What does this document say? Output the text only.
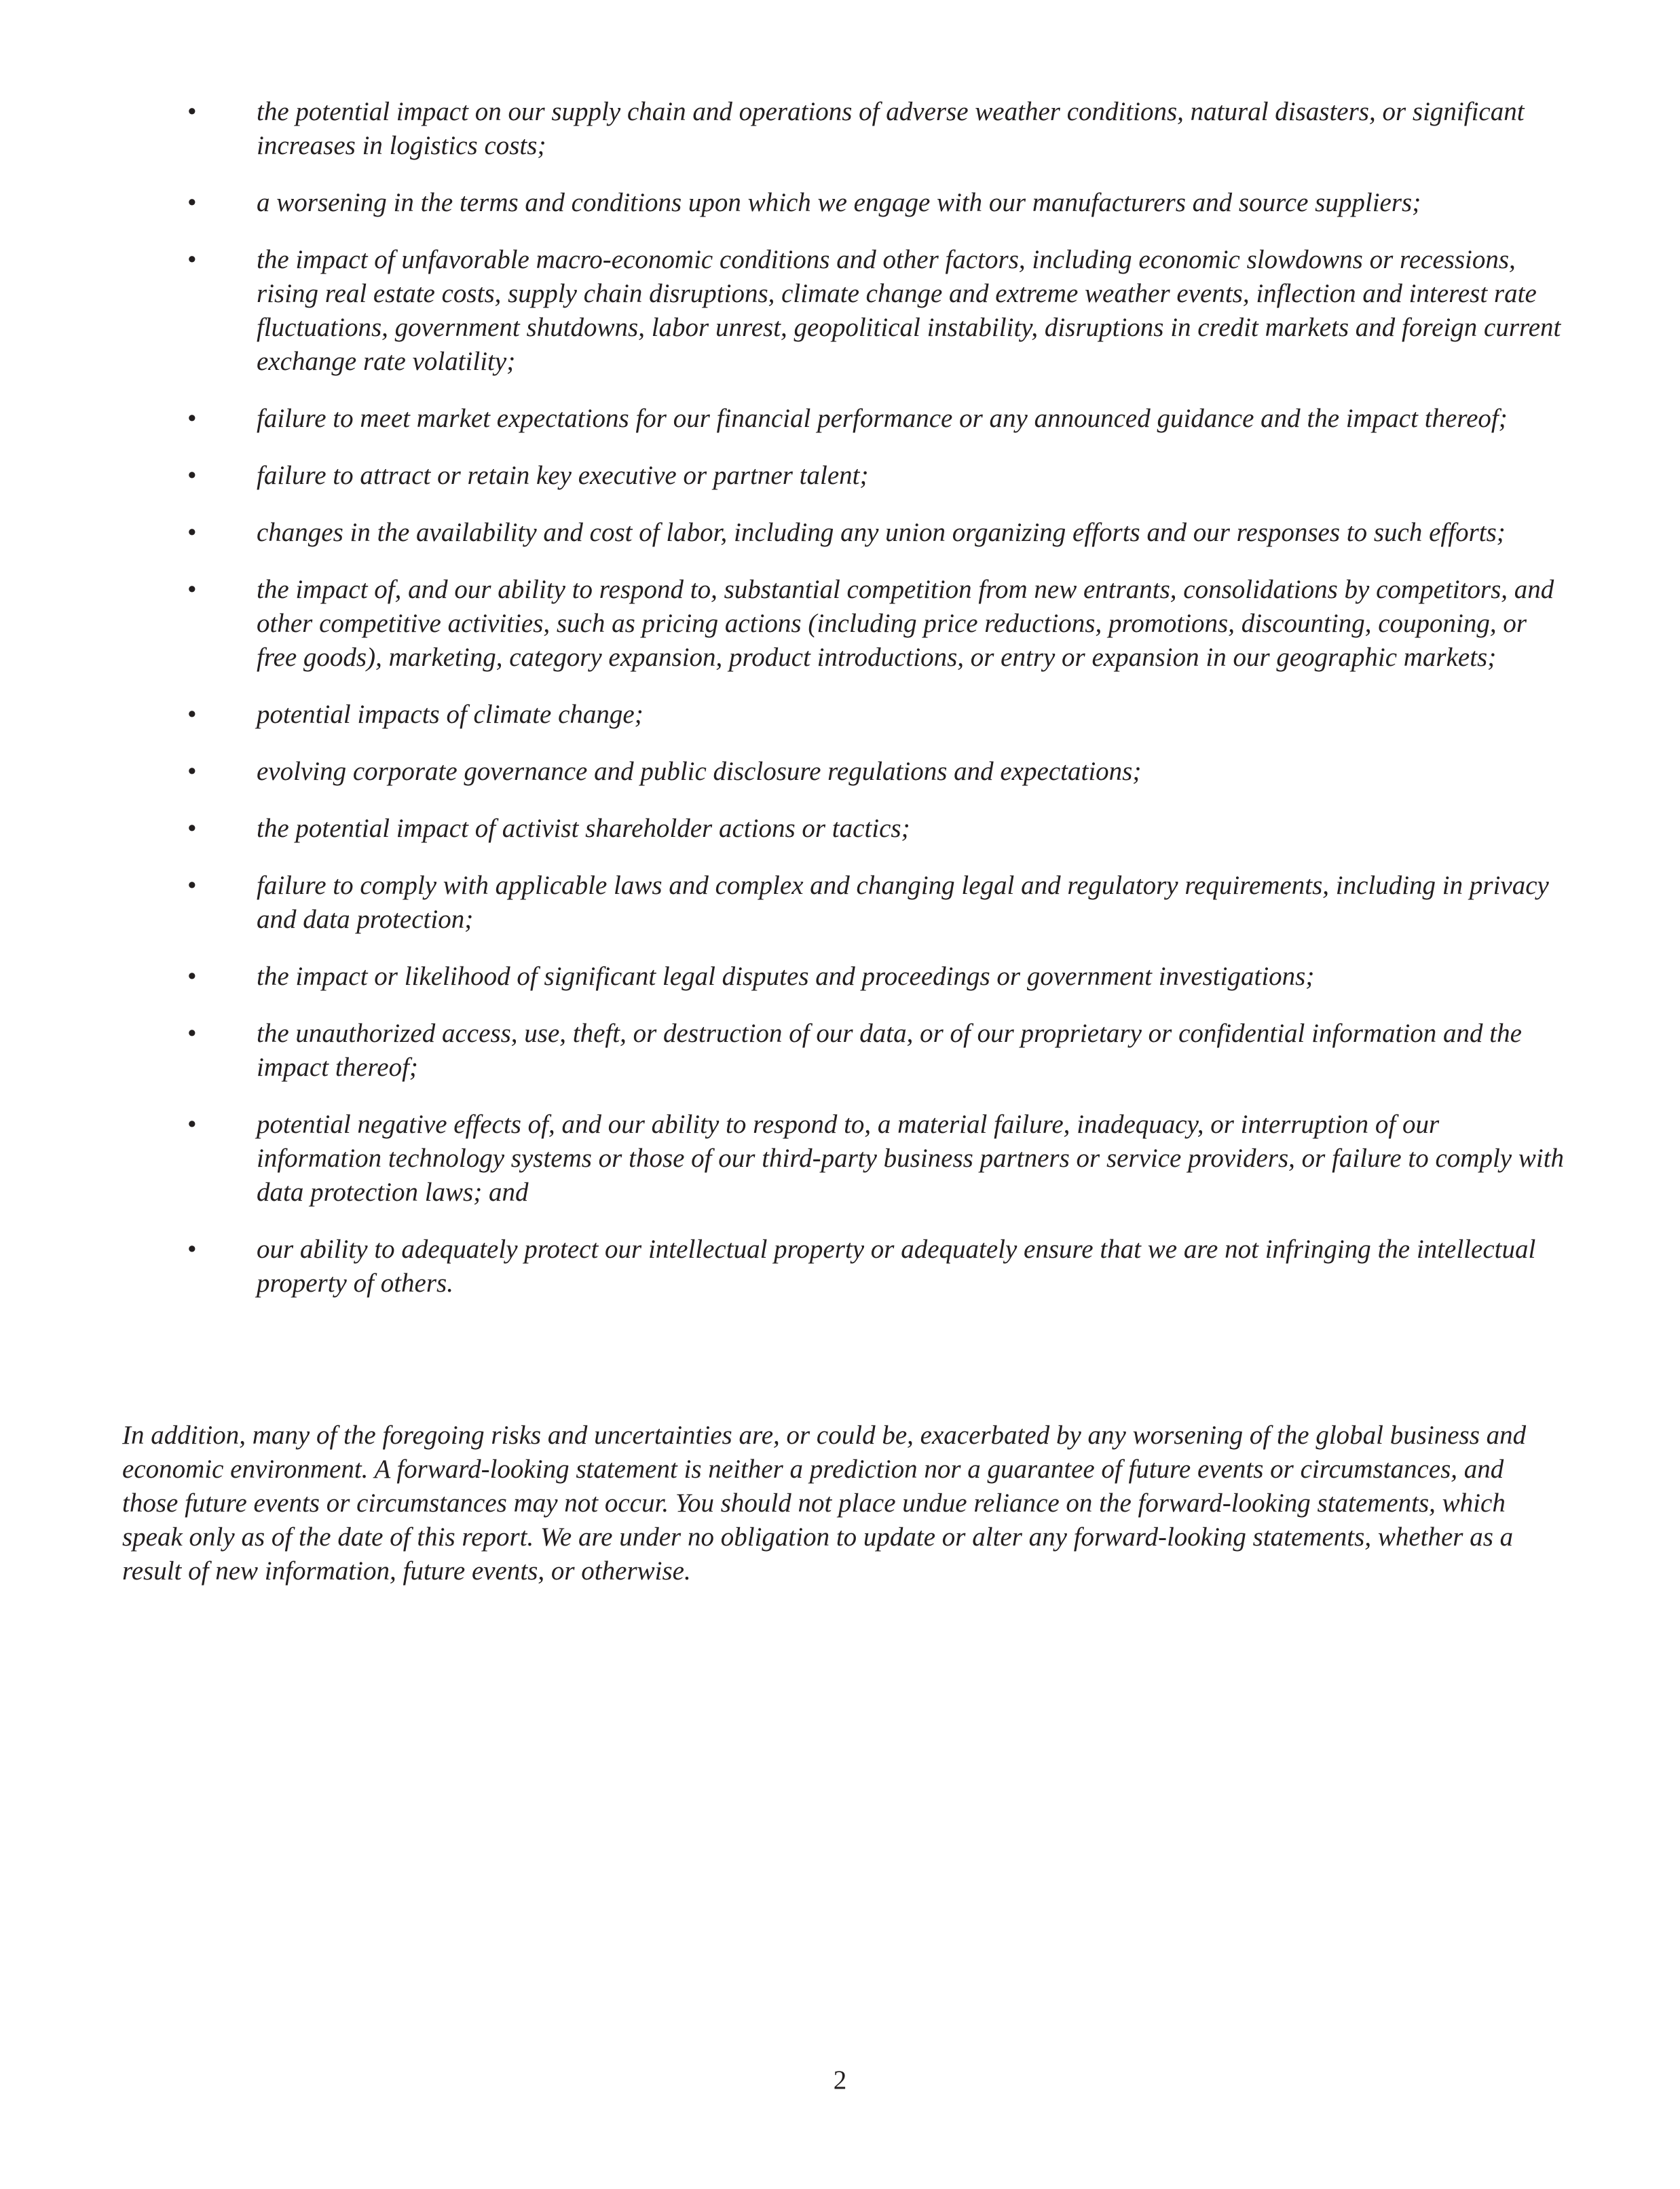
• the potential impact on our supply chain and operations of adverse weather conditions, natural disasters, or significant increases in logistics costs;
• a worsening in the terms and conditions upon which we engage with our manufacturers and source suppliers;
• the impact of unfavorable macro-economic conditions and other factors, including economic slowdowns or recessions, rising real estate costs, supply chain disruptions, climate change and extreme weather events, inflection and interest rate fluctuations, government shutdowns, labor unrest, geopolitical instability, disruptions in credit markets and foreign current exchange rate volatility;
• failure to meet market expectations for our financial performance or any announced guidance and the impact thereof;
• failure to attract or retain key executive or partner talent;
• changes in the availability and cost of labor, including any union organizing efforts and our responses to such efforts;
• the impact of, and our ability to respond to, substantial competition from new entrants, consolidations by competitors, and other competitive activities, such as pricing actions (including price reductions, promotions, discounting, couponing, or free goods), marketing, category expansion, product introductions, or entry or expansion in our geographic markets;
• potential impacts of climate change;
• evolving corporate governance and public disclosure regulations and expectations;
• the potential impact of activist shareholder actions or tactics;
• failure to comply with applicable laws and complex and changing legal and regulatory requirements, including in privacy and data protection;
• the impact or likelihood of significant legal disputes and proceedings or government investigations;
• the unauthorized access, use, theft, or destruction of our data, or of our proprietary or confidential information and the impact thereof;
• potential negative effects of, and our ability to respond to, a material failure, inadequacy, or interruption of our information technology systems or those of our third-party business partners or service providers, or failure to comply with data protection laws; and
• our ability to adequately protect our intellectual property or adequately ensure that we are not infringing the intellectual property of others.

In addition, many of the foregoing risks and uncertainties are, or could be, exacerbated by any worsening of the global business and economic environment. A forward-looking statement is neither a prediction nor a guarantee of future events or circumstances, and those future events or circumstances may not occur. You should not place undue reliance on the forward-looking statements, which speak only as of the date of this report. We are under no obligation to update or alter any forward-looking statements, whether as a result of new information, future events, or otherwise.

2
